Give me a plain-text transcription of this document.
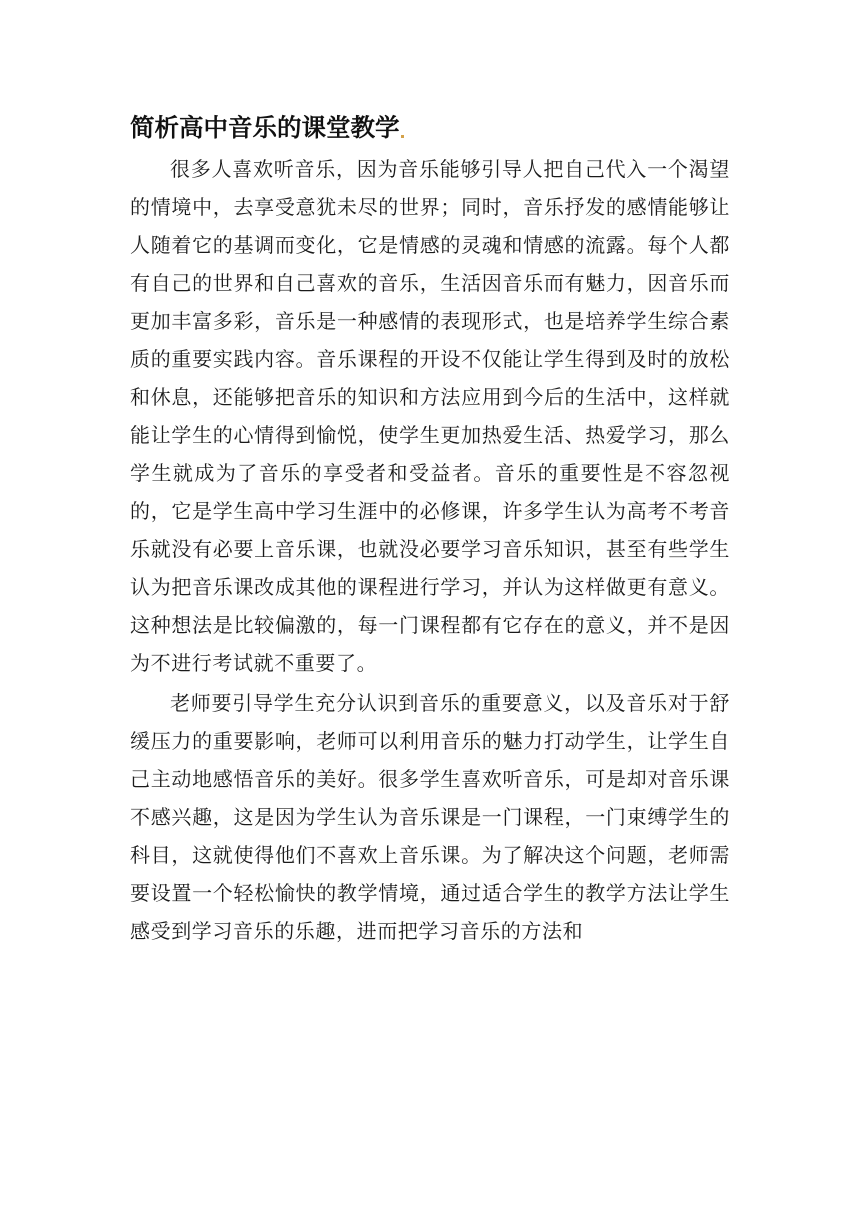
简析高中音乐的课堂教学

很多人喜欢听音乐，因为音乐能够引导人把自己代入一个渴望的情境中，去享受意犹未尽的世界；同时，音乐抒发的感情能够让人随着它的基调而变化，它是情感的灵魂和情感的流露。每个人都有自己的世界和自己喜欢的音乐，生活因音乐而有魅力，因音乐而更加丰富多彩，音乐是一种感情的表现形式，也是培养学生综合素质的重要实践内容。音乐课程的开设不仅能让学生得到及时的放松和休息，还能够把音乐的知识和方法应用到今后的生活中，这样就能让学生的心情得到愉悦，使学生更加热爱生活、热爱学习，那么学生就成为了音乐的享受者和受益者。音乐的重要性是不容忽视的，它是学生高中学习生涯中的必修课，许多学生认为高考不考音乐就没有必要上音乐课，也就没必要学习音乐知识，甚至有些学生认为把音乐课改成其他的课程进行学习，并认为这样做更有意义。这种想法是比较偏激的，每一门课程都有它存在的意义，并不是因为不进行考试就不重要了。

老师要引导学生充分认识到音乐的重要意义，以及音乐对于舒缓压力的重要影响，老师可以利用音乐的魅力打动学生，让学生自己主动地感悟音乐的美好。很多学生喜欢听音乐，可是却对音乐课不感兴趣，这是因为学生认为音乐课是一门课程，一门束缚学生的科目，这就使得他们不喜欢上音乐课。为了解决这个问题，老师需要设置一个轻松愉快的教学情境，通过适合学生的教学方法让学生感受到学习音乐的乐趣，进而把学习音乐的方法和
